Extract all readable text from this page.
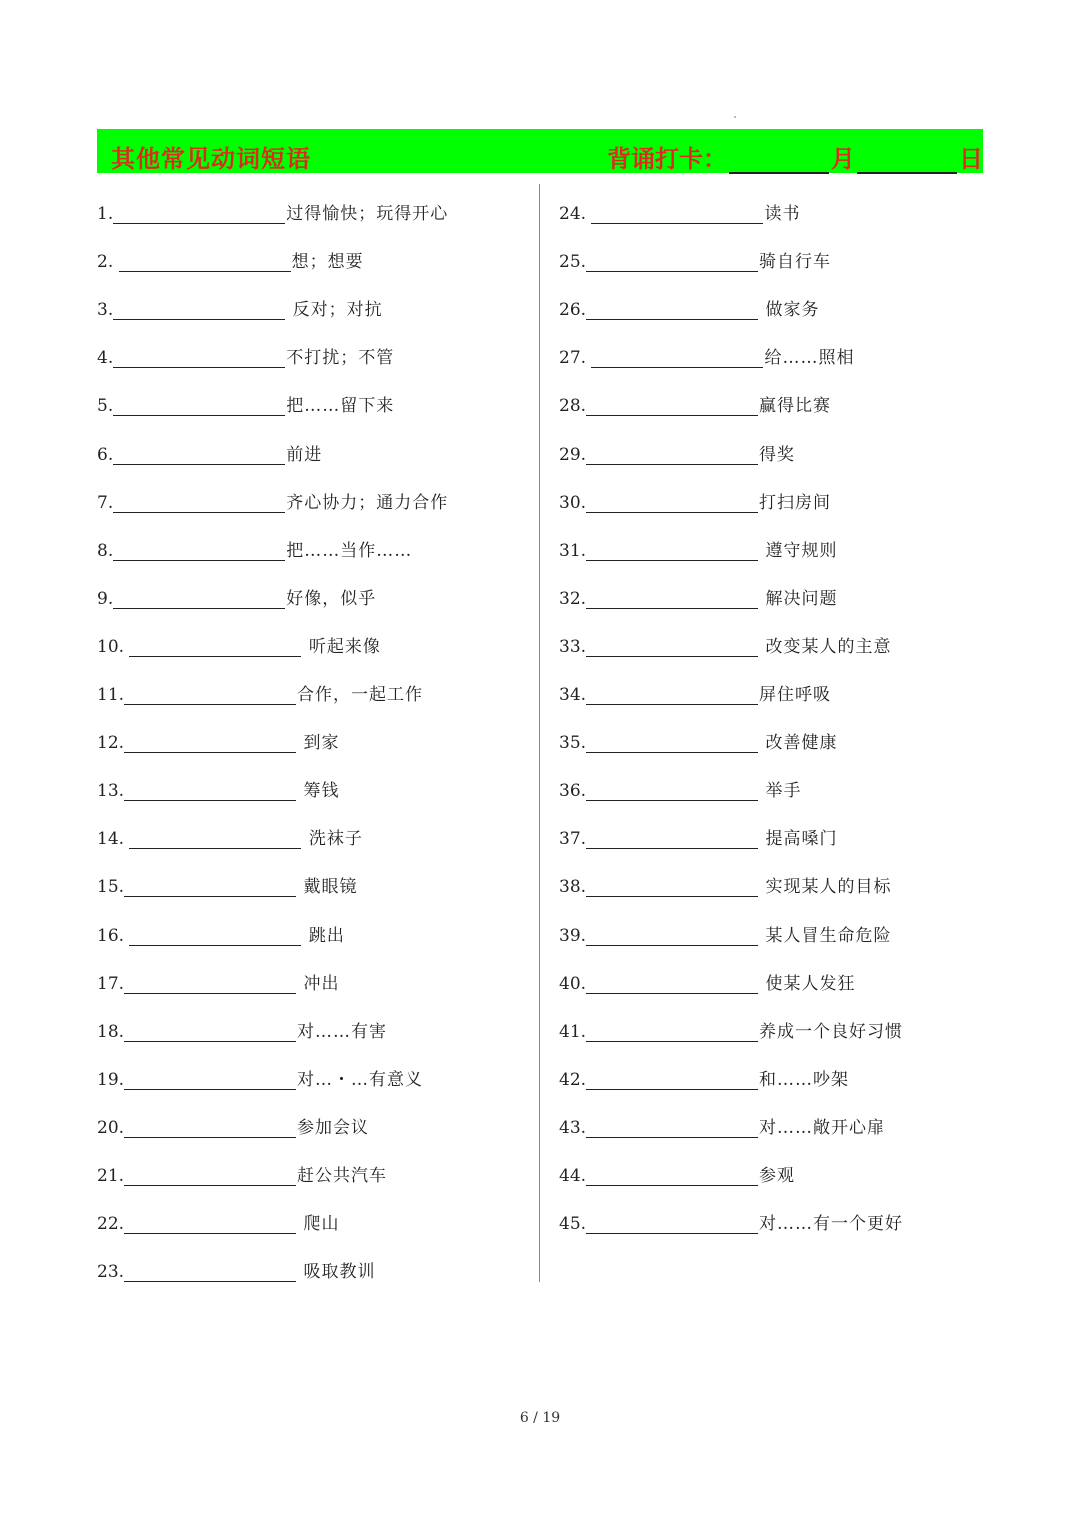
其他常见动词短语	背诵打卡：	月	日
1.	过得愉快；玩得开心
2.	想；想要
3.	反对；对抗
4.	不打扰；不管
5.	把……留下来
6.	前进
7.	齐心协力；通力合作
8.	把……当作……
9.	好像，似乎
10.	听起来像
11.	合作，一起工作
12.	到家
13.	筹钱
14.	洗袜子
15.	戴眼镜
16.	跳出
17.	冲出
18.	对……有害
19.	对…・…有意义
20.	参加会议
21.	赶公共汽车
22.	爬山
23.	吸取教训
24.	读书
25.	骑自行车
26.	做家务
27.	给……照相
28.	赢得比赛
29.	得奖
30.	打扫房间
31.	遵守规则
32.	解决问题
33.	改变某人的主意
34.	屏住呼吸
35.	改善健康
36.	举手
37.	提高嗓门
38.	实现某人的目标
39.	某人冒生命危险
40.	使某人发狂
41.	养成一个良好习惯
42.	和……吵架
43.	对……敞开心扉
44.	参观
45.	对……有一个更好
6 / 19
